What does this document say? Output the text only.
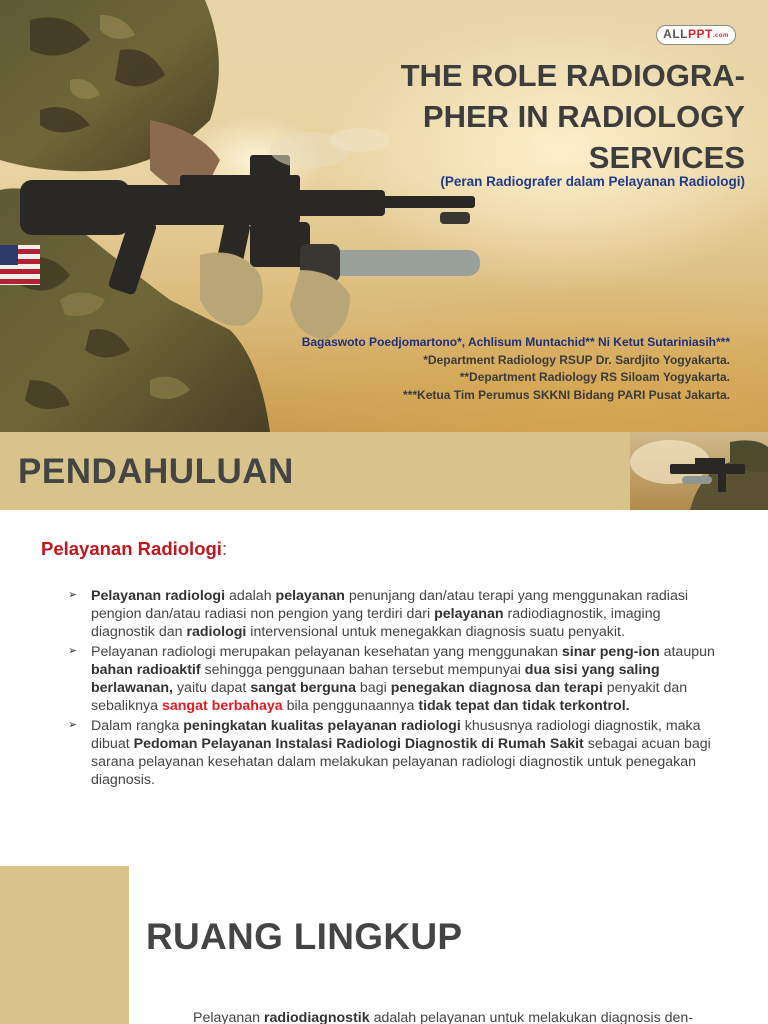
ALLPPT.com
THE ROLE RADIOGRA-
PHER IN RADIOLOGY
SERVICES
(Peran Radiografer dalam Pelayanan Radiologi)
Bagaswoto Poedjomartono*, Achlisum Muntachid** Ni Ketut Sutariniasih***
*Department Radiology RSUP Dr. Sardjito Yogyakarta.
**Department Radiology RS Siloam Yogyakarta.
***Ketua Tim Perumus SKKNI Bidang PARI Pusat Jakarta.
PENDAHULUAN
Pelayanan Radiologi:
➢ Pelayanan radiologi adalah pelayanan penunjang dan/atau terapi yang menggunakan radiasi pengion dan/atau radiasi non pengion yang terdiri dari pelayanan radiodiagnostik, imaging diagnostik dan radiologi intervensional untuk menegakkan diagnosis suatu penyakit.
➢ Pelayanan radiologi merupakan pelayanan kesehatan yang menggunakan sinar peng-ion ataupun bahan radioaktif sehingga penggunaan bahan tersebut mempunyai dua sisi yang saling berlawanan, yaitu dapat sangat berguna bagi penegakan diagnosa dan terapi penyakit dan sebaliknya sangat berbahaya bila penggunaannya tidak tepat dan tidak terkontrol.
➢ Dalam rangka peningkatan kualitas pelayanan radiologi khususnya radiologi diagnostik, maka dibuat Pedoman Pelayanan Instalasi Radiologi Diagnostik di Rumah Sakit sebagai acuan bagi sarana pelayanan kesehatan dalam melakukan pelayanan radiologi diagnostik untuk penegakan diagnosis.
RUANG LINGKUP
Pelayanan radiodiagnostik adalah pelayanan untuk melakukan diagnosis den-
